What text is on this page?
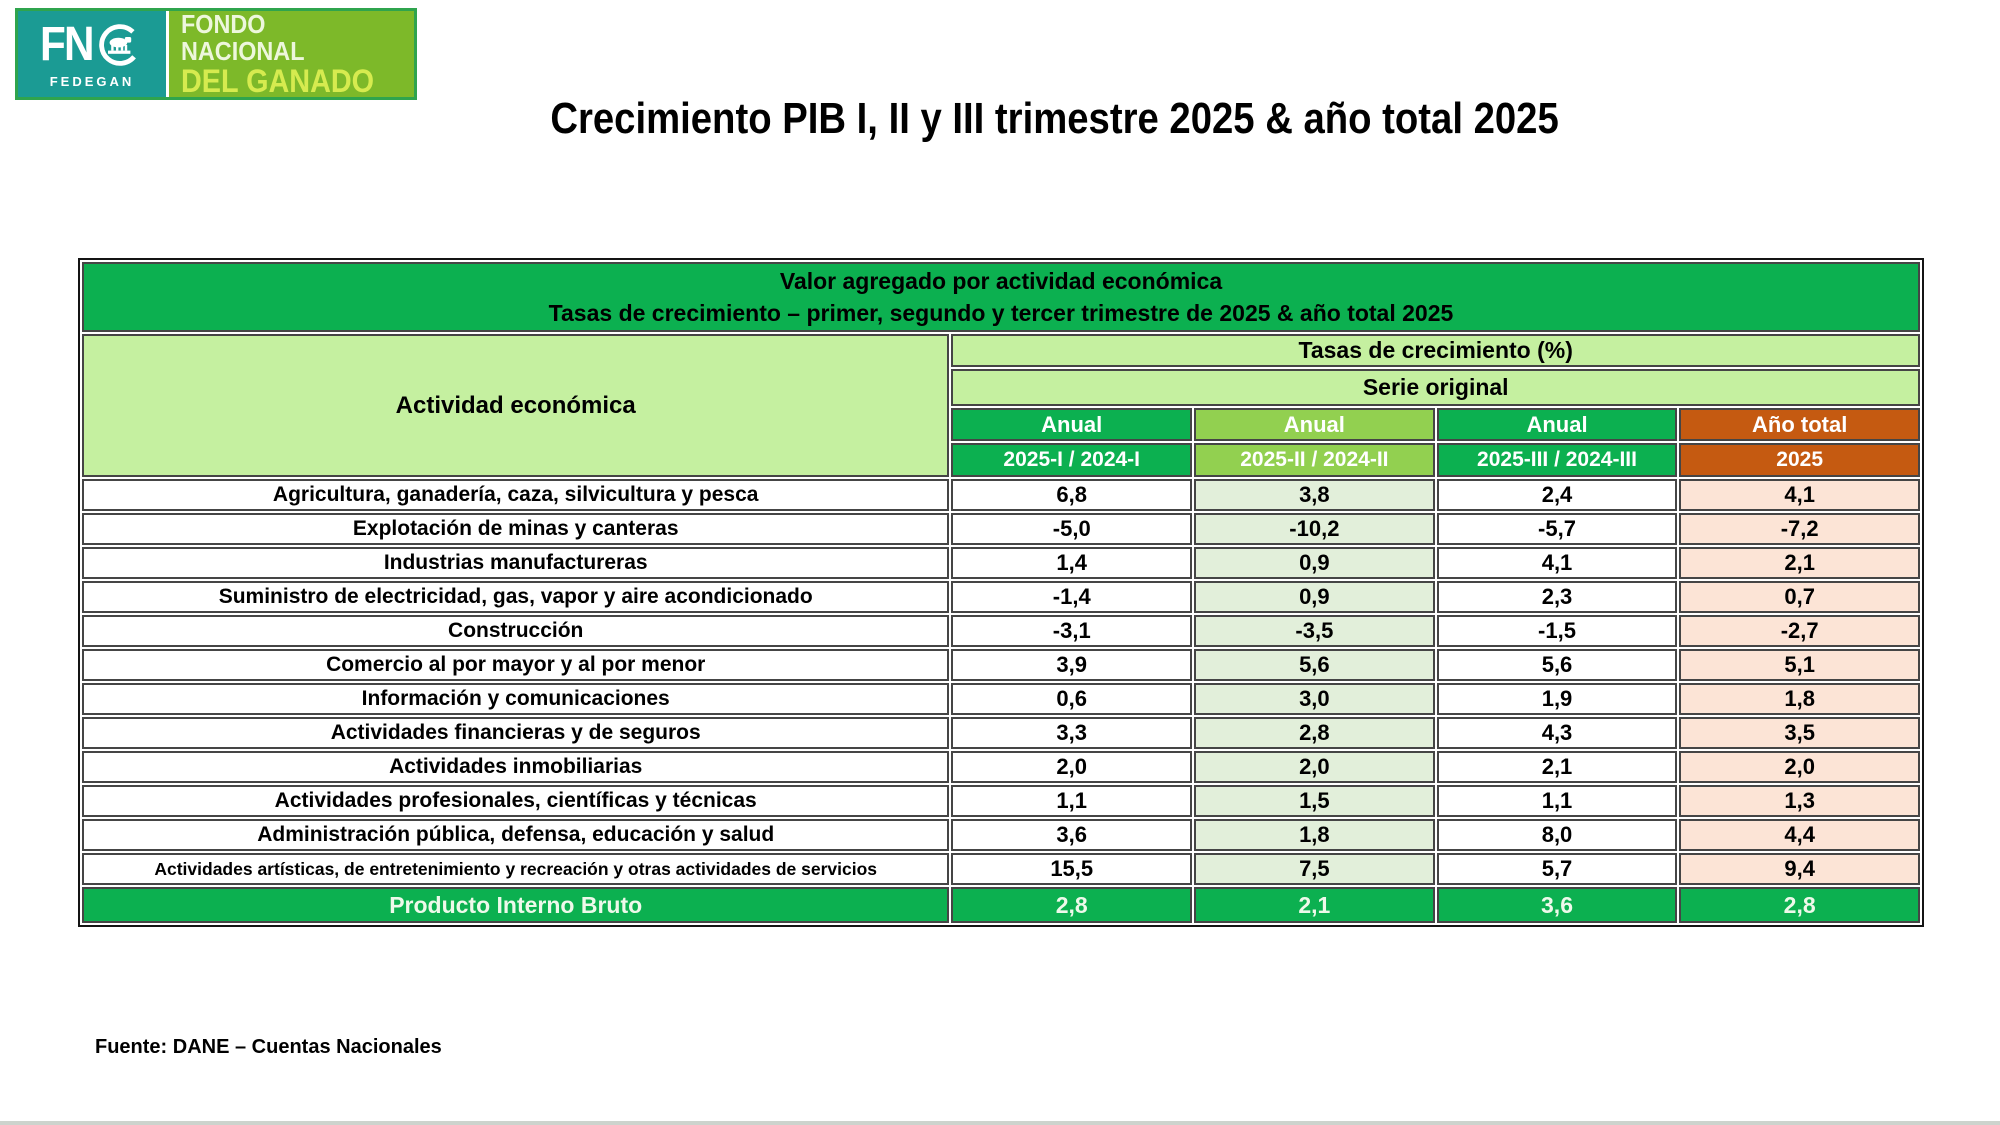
FN
FEDEGAN
FONDO NACIONAL
DEL GANADO
Crecimiento PIB I, II y III trimestre 2025 & año total 2025
Valor agregado por actividad económica
Tasas de crecimiento – primer, segundo y tercer trimestre de 2025 & año total 2025				

Actividad económica	Tasas de crecimiento (%)			
	Serie original			
	Anual	Anual	Anual	Año total
	2025-I / 2024-I	2025-II / 2024-II	2025-III / 2024-III	2025
Agricultura, ganadería, caza, silvicultura y pesca	6,8	3,8	2,4	4,1
Explotación de minas y canteras	-5,0	-10,2	-5,7	-7,2
Industrias manufactureras	1,4	0,9	4,1	2,1
Suministro de electricidad, gas, vapor y aire acondicionado	-1,4	0,9	2,3	0,7
Construcción	-3,1	-3,5	-1,5	-2,7
Comercio al por mayor y al por menor	3,9	5,6	5,6	5,1
Información y comunicaciones	0,6	3,0	1,9	1,8
Actividades financieras y de seguros	3,3	2,8	4,3	3,5
Actividades inmobiliarias	2,0	2,0	2,1	2,0
Actividades profesionales, científicas y técnicas	1,1	1,5	1,1	1,3
Administración pública, defensa, educación y salud	3,6	1,8	8,0	4,4
Actividades artísticas, de entretenimiento y recreación y otras actividades de servicios	15,5	7,5	5,7	9,4
Producto Interno Bruto	2,8	2,1	3,6	2,8
Fuente: DANE – Cuentas Nacionales
